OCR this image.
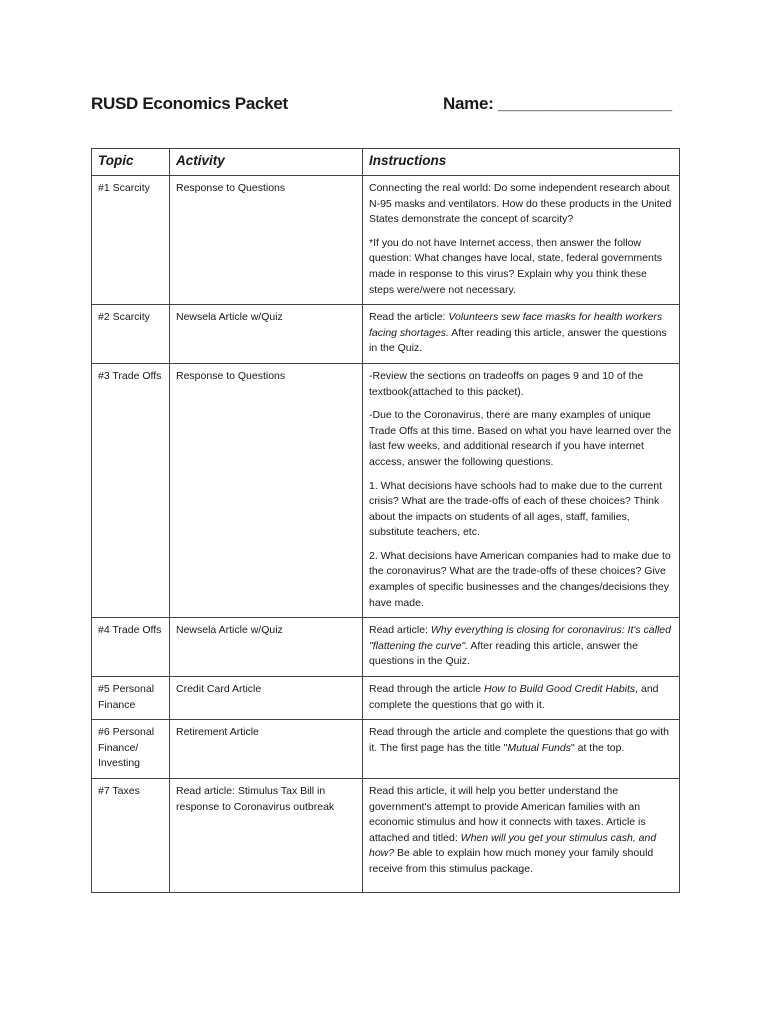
RUSD Economics Packet	Name: ___________________
Topic	Activity	Instructions
#1 Scarcity	Response to Questions	Connecting the real world: Do some independent research about N-95 masks and ventilators. How do these products in the United States demonstrate the concept of scarcity?
*If you do not have Internet access, then answer the follow question: What changes have local, state, federal governments made in response to this virus? Explain why you think these steps were/were not necessary.

#2 Scarcity	Newsela Article w/Quiz	Read the article: Volunteers sew face masks for health workers facing shortages. After reading this article, answer the questions in the Quiz.
#3 Trade Offs	Response to Questions	-Review the sections on tradeoffs on pages 9 and 10 of the textbook(attached to this packet).
-Due to the Coronavirus, there are many examples of unique Trade Offs at this time. Based on what you have learned over the last few weeks, and additional research if you have internet access, answer the following questions.
1. What decisions have schools had to make due to the current crisis? What are the trade-offs of each of these choices? Think about the impacts on students of all ages, staff, families, substitute teachers, etc.
2. What decisions have American companies had to make due to the coronavirus? What are the trade-offs of these choices? Give examples of specific businesses and the changes/decisions they have made.

#4 Trade Offs	Newsela Article w/Quiz	Read article: Why everything is closing for coronavirus: It's called "flattening the curve". After reading this article, answer the questions in the Quiz.
#5 Personal Finance	Credit Card Article	Read through the article How to Build Good Credit Habits, and complete the questions that go with it.
#6 Personal Finance/ Investing	Retirement Article	Read through the article and complete the questions that go with it. The first page has the title "Mutual Funds" at the top.
#7 Taxes	Read article: Stimulus Tax Bill in response to Coronavirus outbreak	Read this article, it will help you better understand the government's attempt to provide American families with an economic stimulus and how it connects with taxes. Article is attached and titled: When will you get your stimulus cash, and how? Be able to explain how much money your family should receive from this stimulus package.
